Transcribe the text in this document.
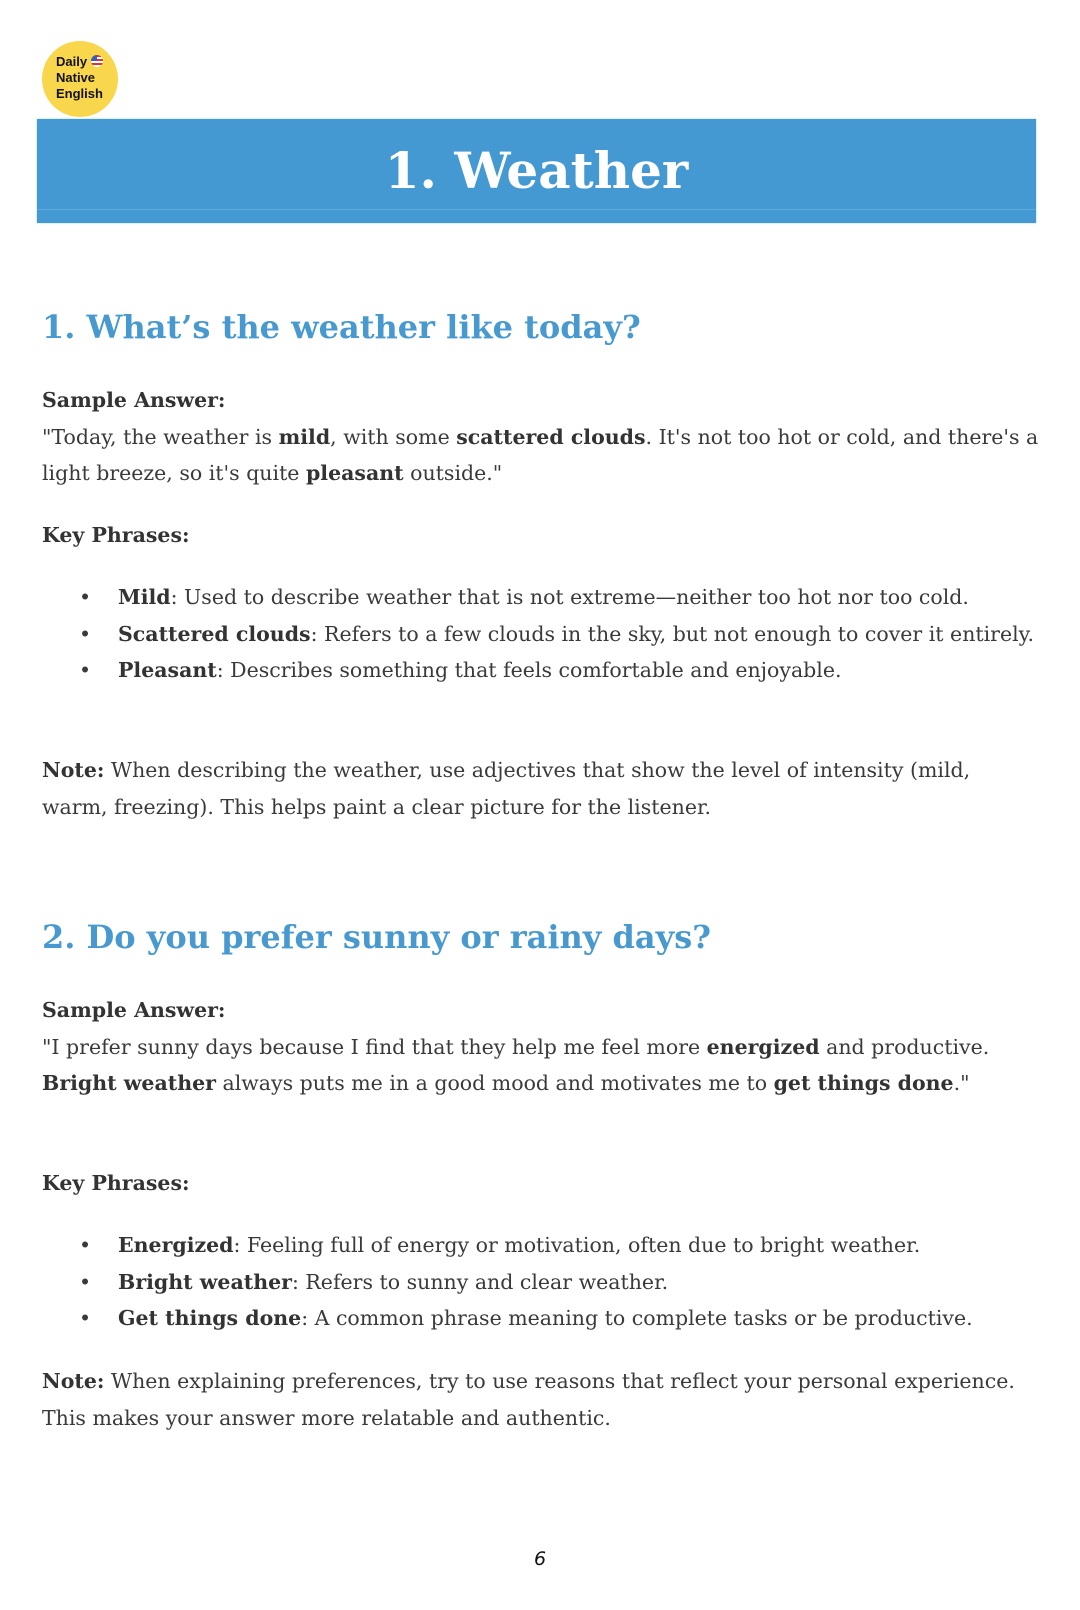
Daily
Native
English
1. Weather
1. What’s the weather like today?
Sample Answer:
"Today, the weather is mild, with some scattered clouds. It's not too hot or cold, and there's a light breeze, so it's quite pleasant outside."
Key Phrases:
• Mild: Used to describe weather that is not extreme—neither too hot nor too cold.
• Scattered clouds: Refers to a few clouds in the sky, but not enough to cover it entirely.
• Pleasant: Describes something that feels comfortable and enjoyable.
Note: When describing the weather, use adjectives that show the level of intensity (mild, warm, freezing). This helps paint a clear picture for the listener.
2. Do you prefer sunny or rainy days?
Sample Answer:
"I prefer sunny days because I find that they help me feel more energized and productive. Bright weather always puts me in a good mood and motivates me to get things done."
Key Phrases:
• Energized: Feeling full of energy or motivation, often due to bright weather.
• Bright weather: Refers to sunny and clear weather.
• Get things done: A common phrase meaning to complete tasks or be productive.
Note: When explaining preferences, try to use reasons that reflect your personal experience. This makes your answer more relatable and authentic.
6
